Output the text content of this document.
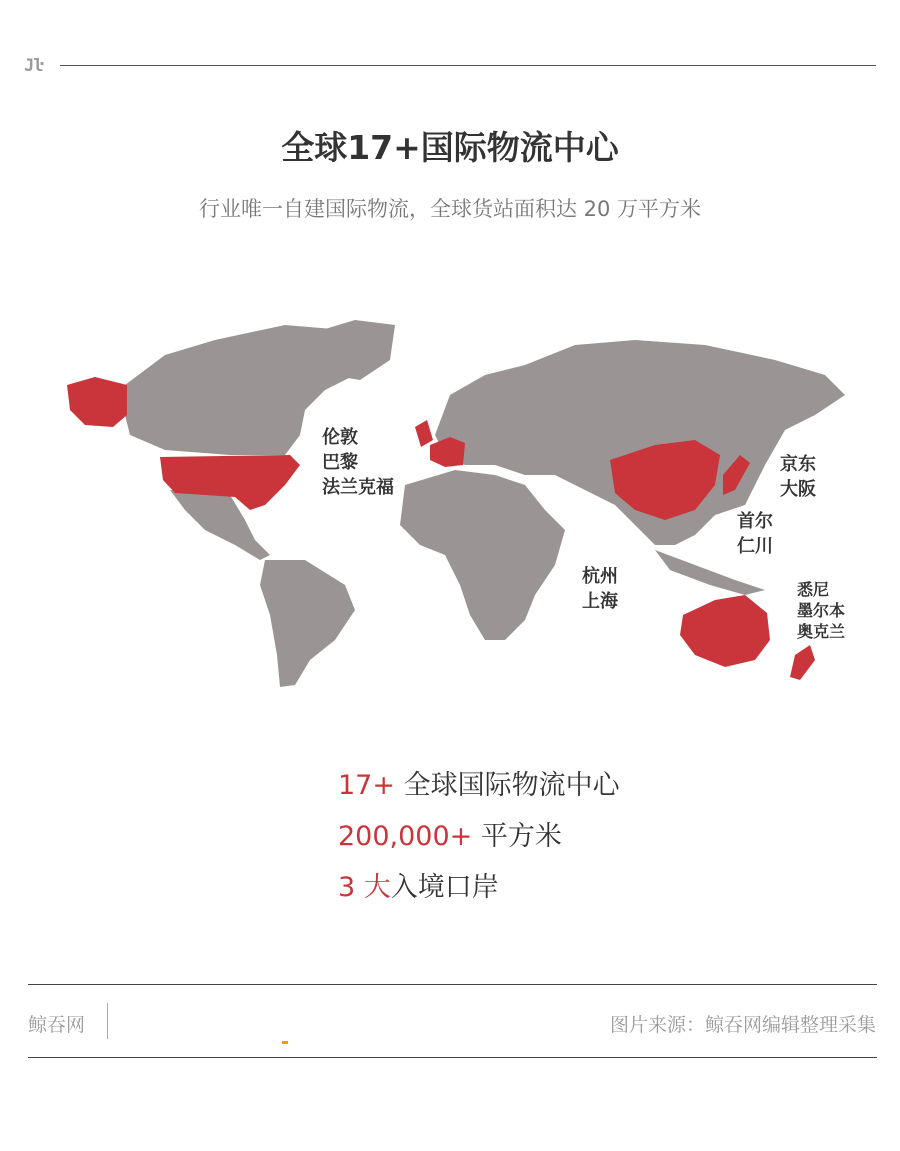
Jŀ
全球17+国际物流中心
行业唯一自建国际物流，全球货站面积达 20 万平方米
伦敦
巴黎
法兰克福
京东
大阪
首尔
仁川
杭州
上海
悉尼
墨尔本
奥克兰
17+ 全球国际物流中心
200,000+ 平方米
3 大入境口岸
鲸吞网	图片来源：鲸吞网编辑整理采集
